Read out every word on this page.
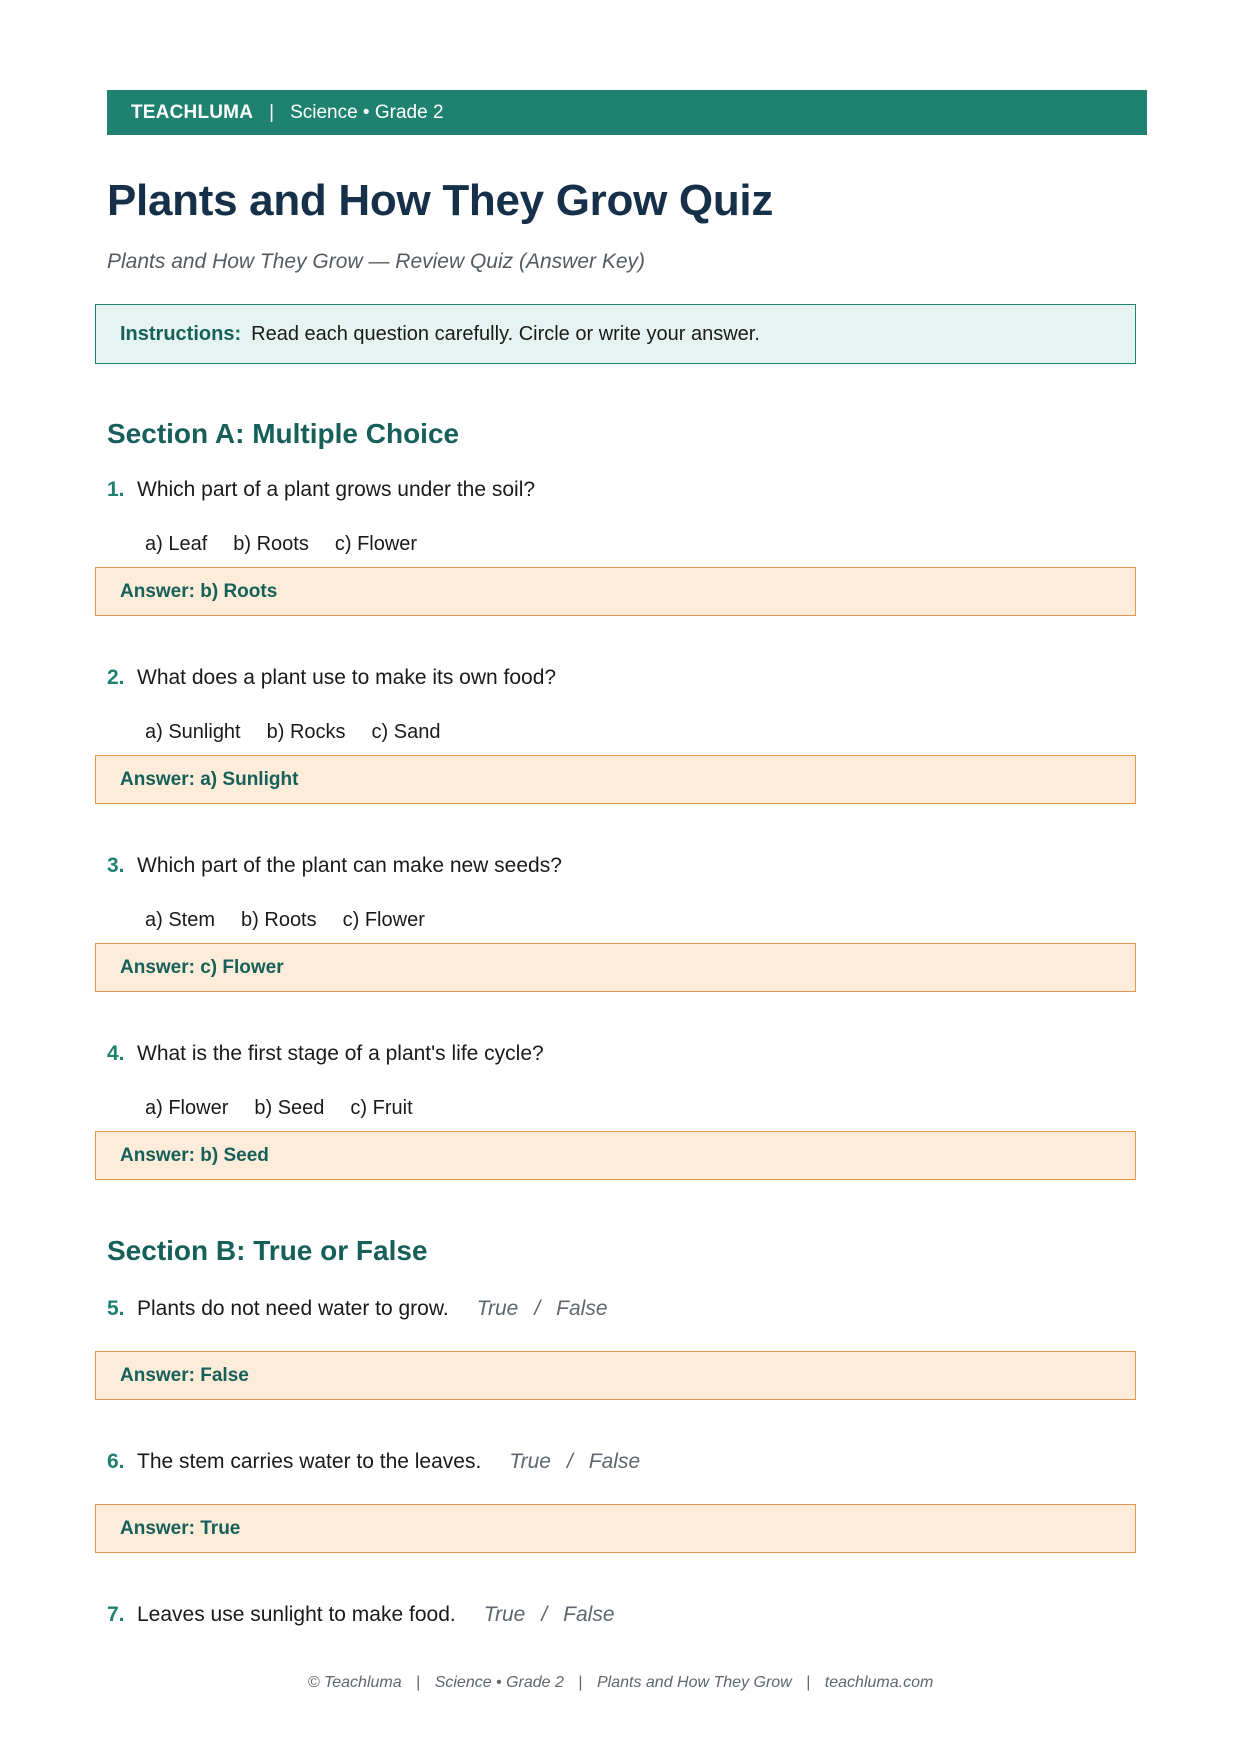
TEACHLUMA | Science • Grade 2
Plants and How They Grow Quiz
Plants and How They Grow — Review Quiz (Answer Key)
Instructions: Read each question carefully. Circle or write your answer.
Section A: Multiple Choice
1. Which part of a plant grows under the soil?
a) Leaf b) Roots c) Flower
Answer: b) Roots
2. What does a plant use to make its own food?
a) Sunlight b) Rocks c) Sand
Answer: a) Sunlight
3. Which part of the plant can make new seeds?
a) Stem b) Roots c) Flower
Answer: c) Flower
4. What is the first stage of a plant's life cycle?
a) Flower b) Seed c) Fruit
Answer: b) Seed
Section B: True or False
5. Plants do not need water to grow. True / False
Answer: False
6. The stem carries water to the leaves. True / False
Answer: True
7. Leaves use sunlight to make food. True / False
© Teachluma | Science • Grade 2 | Plants and How They Grow | teachluma.com
